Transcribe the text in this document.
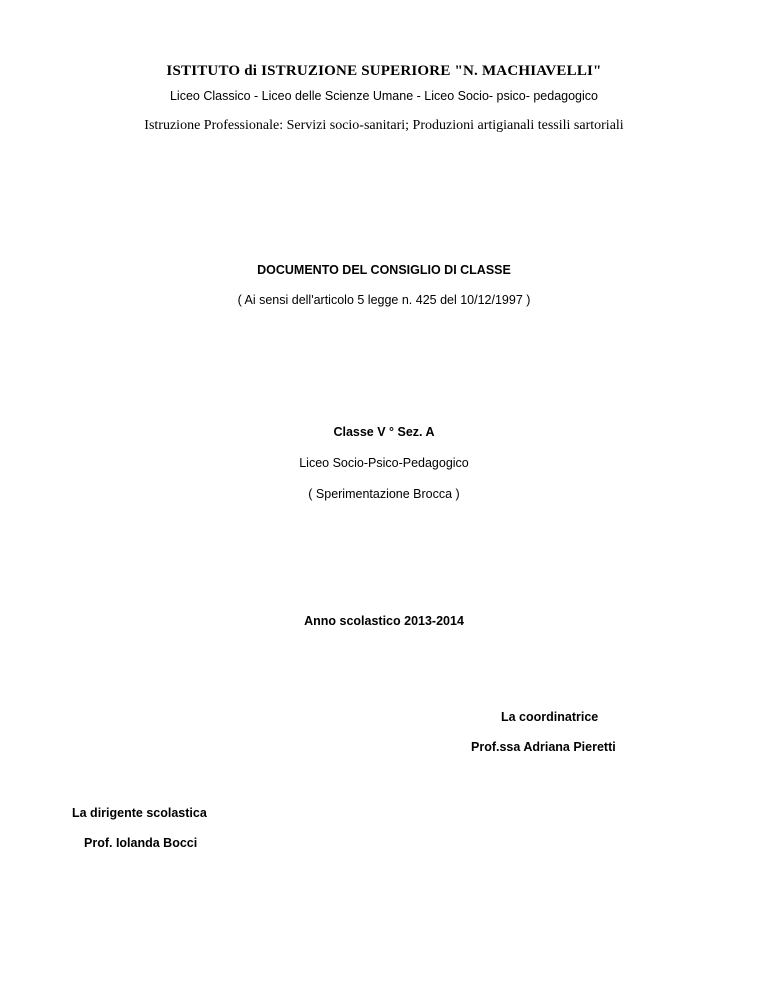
ISTITUTO di ISTRUZIONE SUPERIORE "N. MACHIAVELLI"
Liceo Classico - Liceo delle Scienze Umane - Liceo Socio- psico- pedagogico
Istruzione Professionale: Servizi socio-sanitari; Produzioni artigianali tessili sartoriali
DOCUMENTO DEL CONSIGLIO DI CLASSE
( Ai sensi dell'articolo 5 legge n. 425 del 10/12/1997 )
Classe V ° Sez. A
Liceo Socio-Psico-Pedagogico
( Sperimentazione Brocca )
Anno scolastico 2013-2014
La coordinatrice
Prof.ssa Adriana Pieretti
La dirigente scolastica
Prof. Iolanda Bocci
